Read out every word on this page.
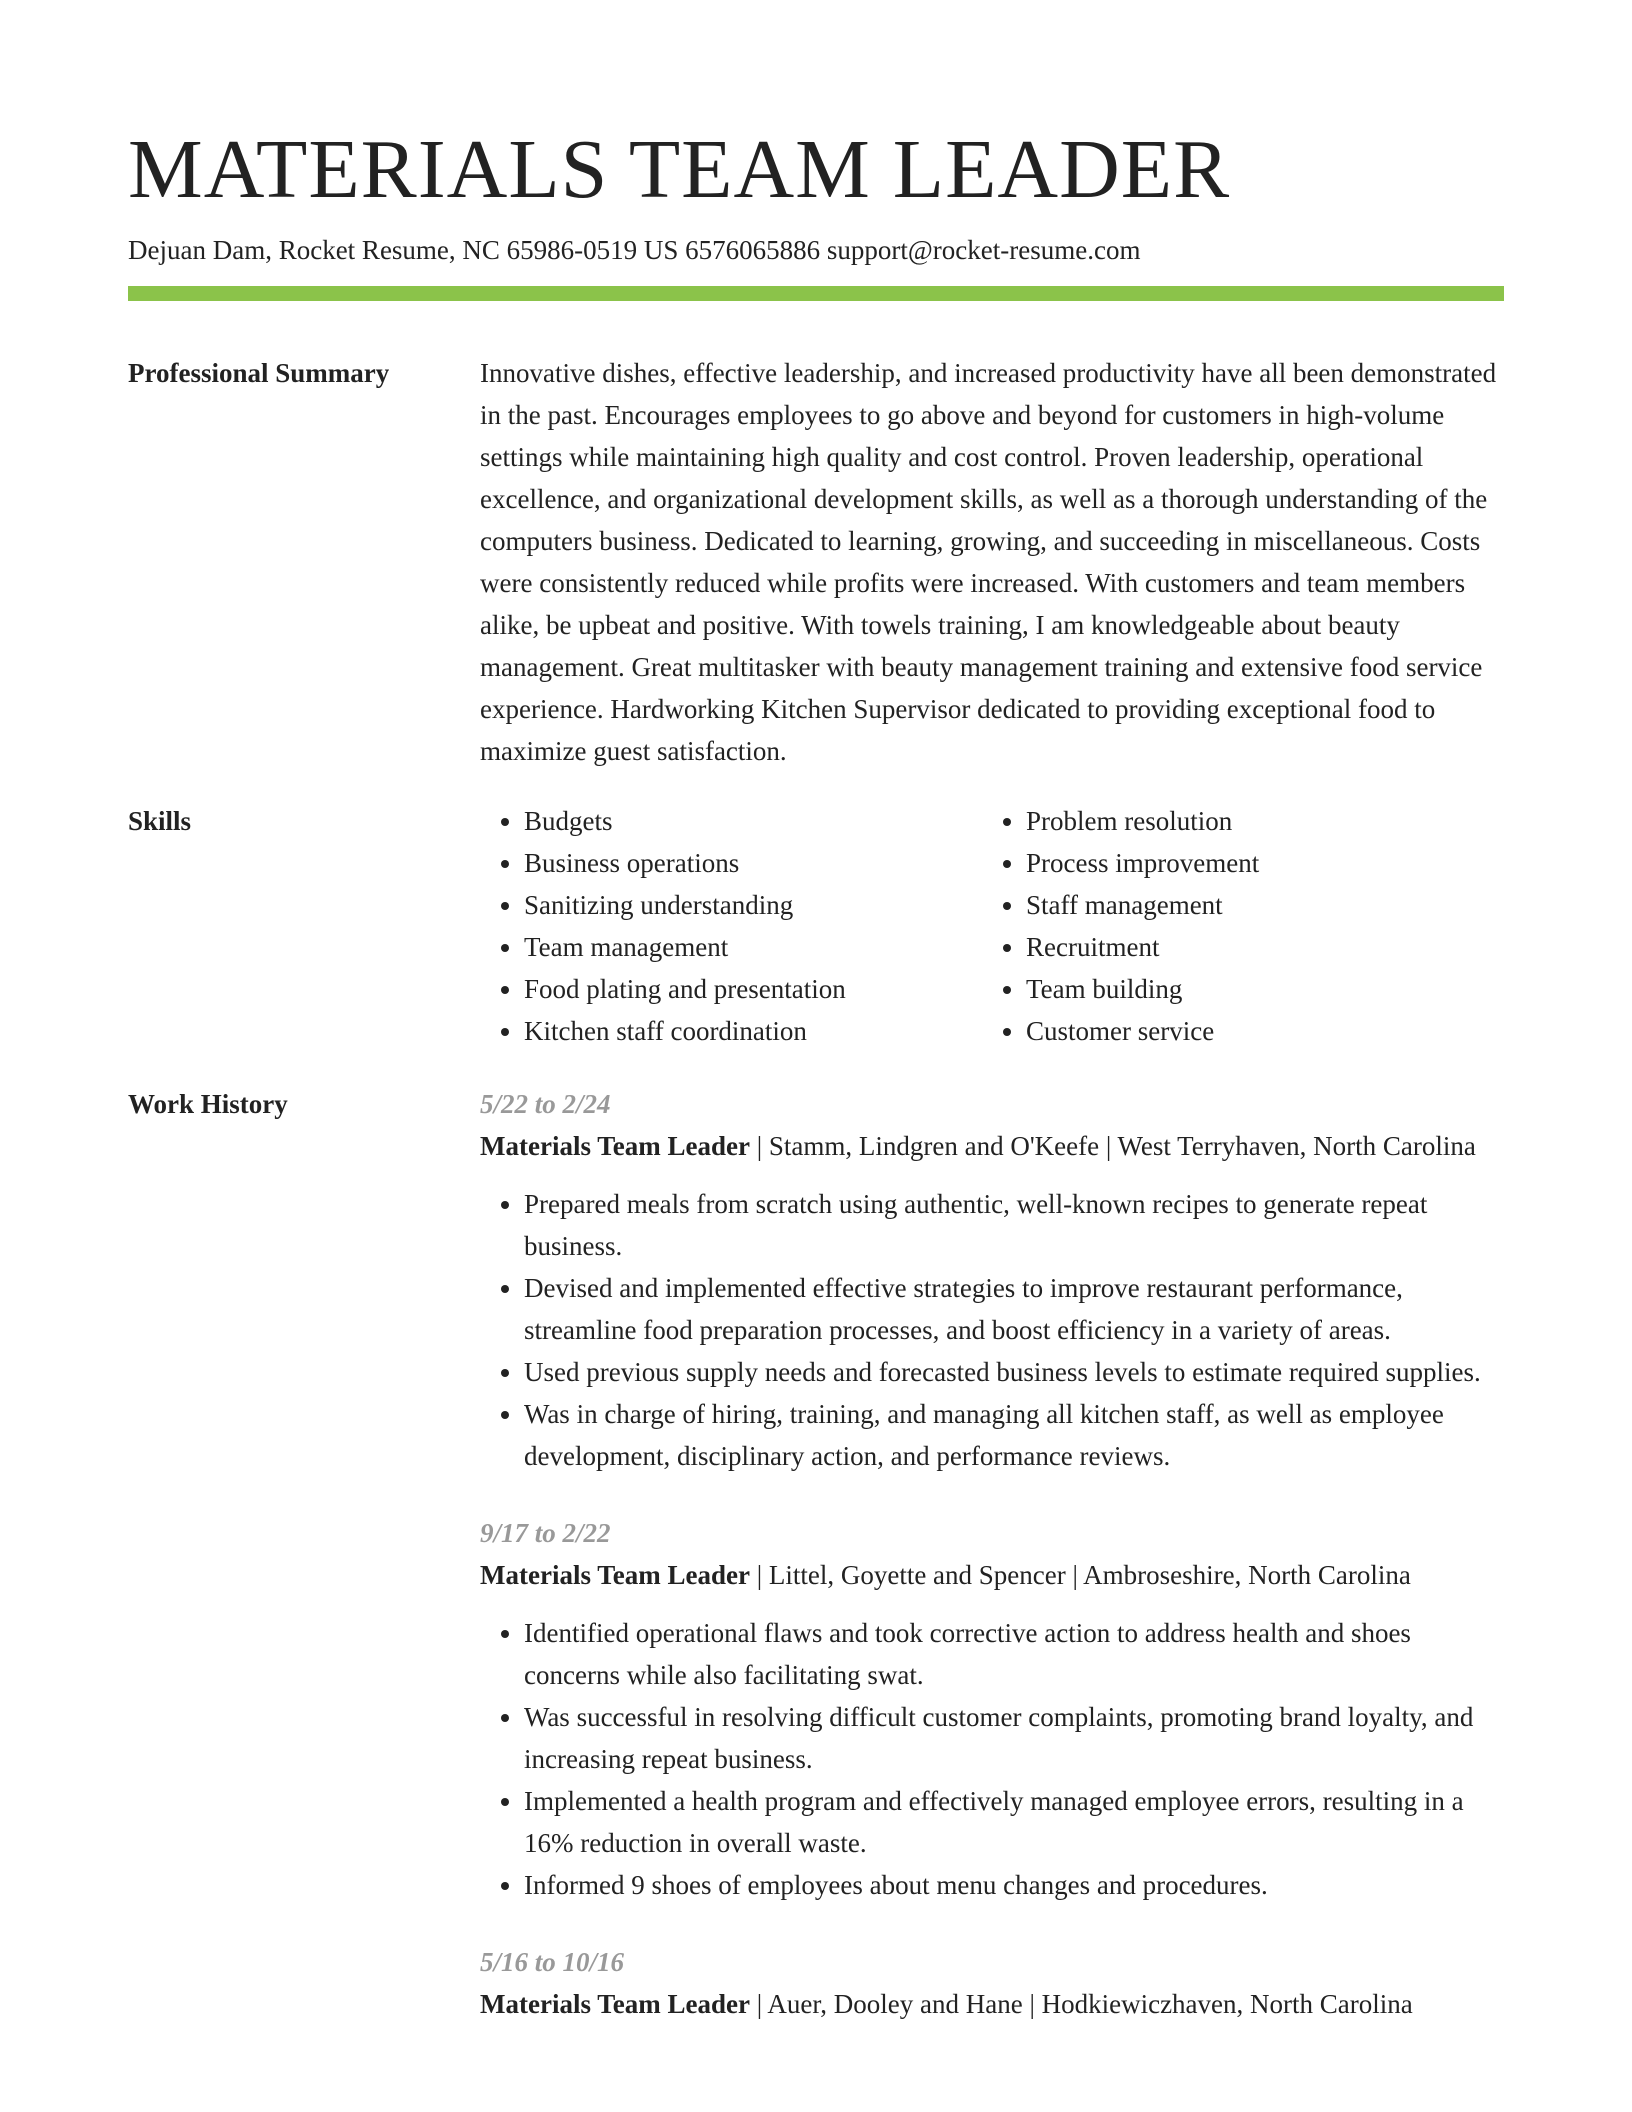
MATERIALS TEAM LEADER
Dejuan Dam, Rocket Resume, NC 65986-0519 US 6576065886 support@rocket-resume.com
Professional Summary	Innovative dishes, effective leadership, and increased productivity have all been demonstrated in the past. Encourages employees to go above and beyond for customers in high-volume settings while maintaining high quality and cost control. Proven leadership, operational excellence, and organizational development skills, as well as a thorough understanding of the computers business. Dedicated to learning, growing, and succeeding in miscellaneous. Costs were consistently reduced while profits were increased. With customers and team members alike, be upbeat and positive. With towels training, I am knowledgeable about beauty management. Great multitasker with beauty management training and extensive food service experience. Hardworking Kitchen Supervisor dedicated to providing exceptional food to maximize guest satisfaction.

Skills
•	Budgets
• Business operations
• Sanitizing understanding
• Team management
• Food plating and presentation
• Kitchen staff coordination
• Problem resolution
• Process improvement
• Staff management
• Recruitment
• Team building
• Customer service
Work History	5/22 to 2/24
Materials Team Leader | Stamm, Lindgren and O'Keefe | West Terryhaven, North Carolina
• Prepared meals from scratch using authentic, well-known recipes to generate repeat business.
• Devised and implemented effective strategies to improve restaurant performance, streamline food preparation processes, and boost efficiency in a variety of areas.
• Used previous supply needs and forecasted business levels to estimate required supplies.
• Was in charge of hiring, training, and managing all kitchen staff, as well as employee development, disciplinary action, and performance reviews.
9/17 to 2/22
Materials Team Leader | Littel, Goyette and Spencer | Ambroseshire, North Carolina
• Identified operational flaws and took corrective action to address health and shoes concerns while also facilitating swat.
• Was successful in resolving difficult customer complaints, promoting brand loyalty, and increasing repeat business.
• Implemented a health program and effectively managed employee errors, resulting in a 16% reduction in overall waste.
• Informed 9 shoes of employees about menu changes and procedures.
5/16 to 10/16
Materials Team Leader | Auer, Dooley and Hane | Hodkiewiczhaven, North Carolina
